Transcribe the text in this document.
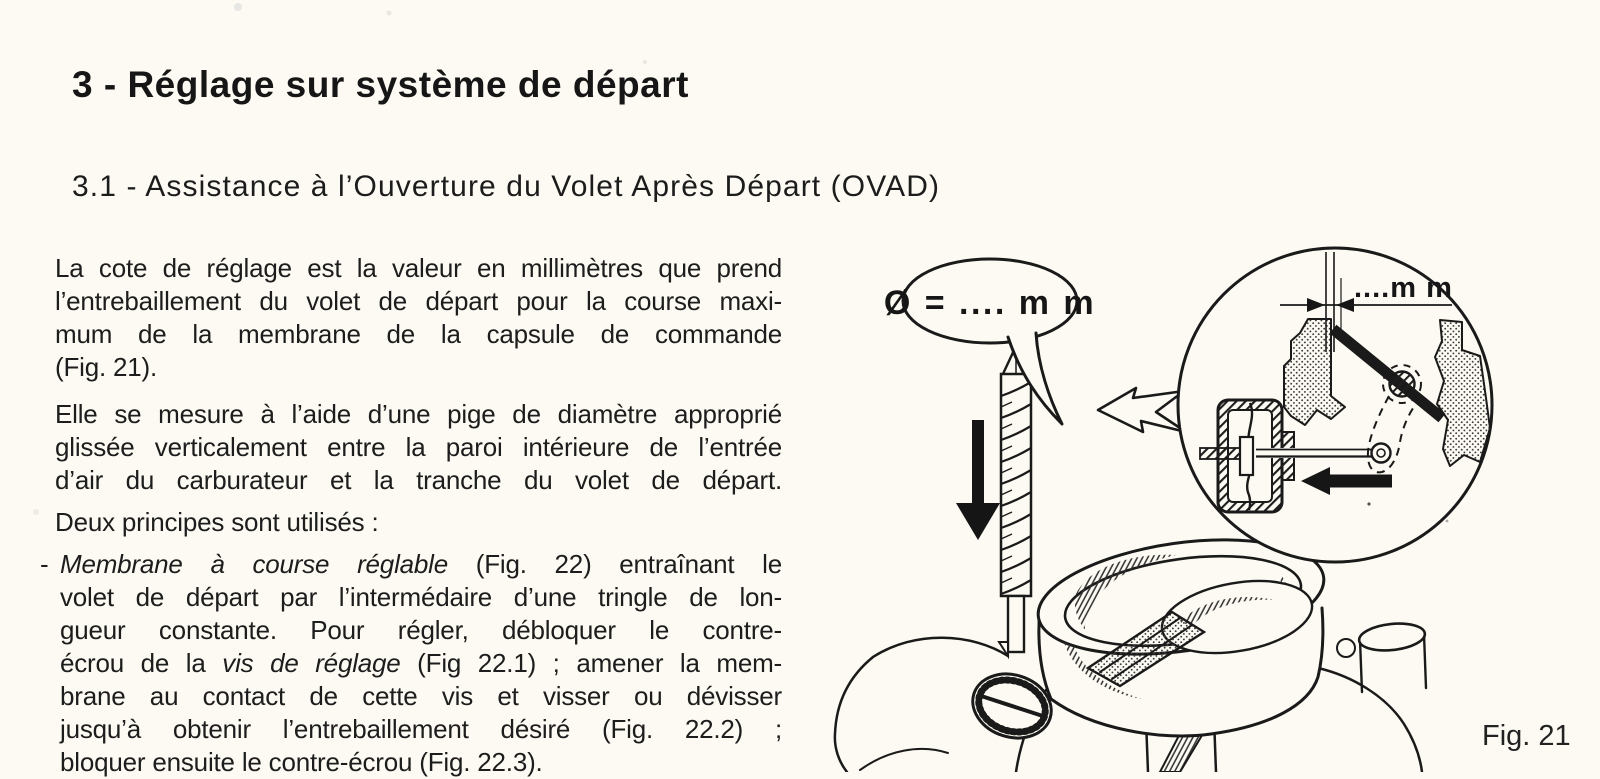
3 - Réglage sur système de départ
3.1 - Assistance à l’Ouverture du Volet Après Départ (OVAD)
La cote de réglage est la valeur en millimètres que prend
l’entrebaillement du volet de départ pour la course maxi-
mum de la membrane de la capsule de commande
(Fig. 21).
Elle se mesure à l’aide d’une pige de diamètre approprié
glissée verticalement entre la paroi intérieure de l’entrée
d’air du carburateur et la tranche du volet de départ.
Deux principes sont utilisés :
- Membrane à course réglable (Fig. 22) entraînant le
volet de départ par l’intermédaire d’une tringle de lon-
gueur constante. Pour régler, débloquer le contre-
écrou de la vis de réglage (Fig 22.1) ; amener la mem-
brane au contact de cette vis et visser ou dévisser
jusqu’à obtenir l’entrebaillement désiré (Fig. 22.2) ;
bloquer ensuite le contre-écrou (Fig. 22.3).
Ø = .... m m	....m m
Fig. 21
